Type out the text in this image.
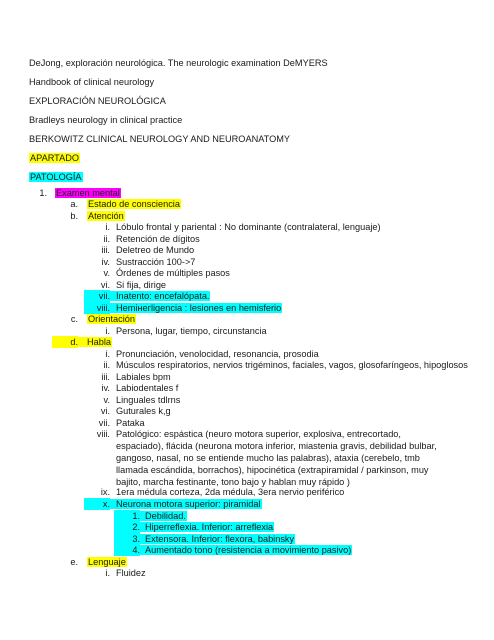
DeJong, exploración neurológica. The neurologic examination DeMYERS
Handbook of clinical neurology
EXPLORACIÓN NEUROLÓGICA
Bradleys neurology in clinical practice
BERKOWITZ CLINICAL NEUROLOGY AND NEUROANATOMY
APARTADO
PATOLOGÍA
1. Examen mental
a. Estado de consciencia
b. Atención
i. Lóbulo frontal y pariental : No dominante (contralateral, lenguaje)
ii. Retención de dígitos
iii. Deletreo de Mundo
iv. Sustracción 100->7
v. Órdenes de múltiples pasos
vi. Si fija, dirige
vii. Inatento: encefalópata.
viii. Hemінегligencia : lesiones en hemisferio
c. Orientación
i. Persona, lugar, tiempo, circunstancia
d. Habla
i. Pronunciación, venolocidad, resonancia, prosodia
ii. Músculos respiratorios, nervios trigéminos, faciales, vagos, glosofaríngeos, hipoglosos
iii. Labiales bpm
iv. Labiodentales f
v. Linguales tdlrns
vi. Guturales k,g
vii. Pataka
viii. Patológico: espástica (neuro motora superior, explosiva, entrecortado, espaciado), flácida (neurona motora inferior, miastenia gravis, debilidad bulbar, gangoso, nasal, no se entiende mucho las palabras), ataxia (cerebelo, tmb llamada escándida, borrachos), hipocinética (extrapiramidal / parkinson, muy bajito, marcha festinante, tono bajo y hablan muy rápido )
ix. 1era médula corteza, 2da médula, 3era nervio periférico
x. Neurona motora superior: piramidal
1. Debilidad.
2. Hiperreflexia. Inferior: arreflexia
3. Extensora. Inferior: flexora, babinsky
4. Aumentado tono (resistencia a movimiento pasivo)
e. Lenguaje
i. Fluidez
